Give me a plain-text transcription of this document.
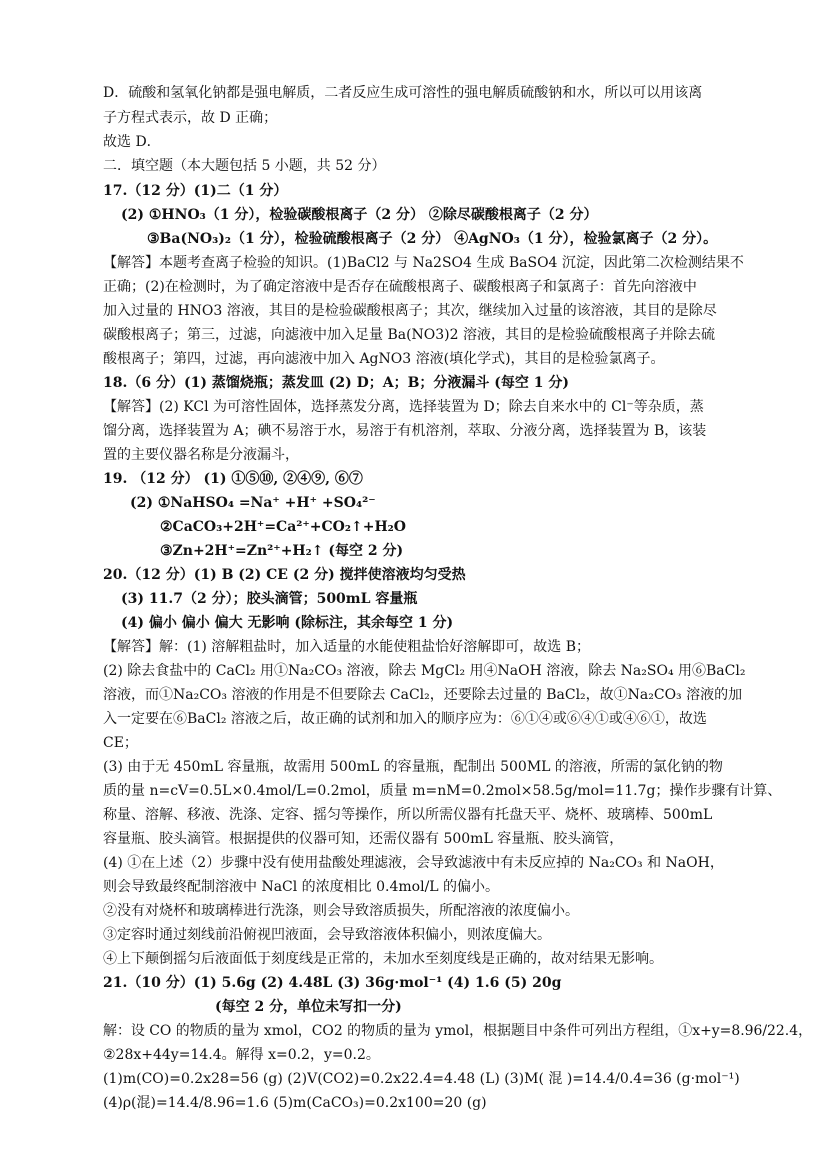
D．硫酸和氢氧化钠都是强电解质，二者反应生成可溶性的强电解质硫酸钠和水，所以可以用该离
子方程式表示，故 D 正确；
故选 D．
二．填空题（本大题包括 5 小题，共 52 分）
17.（12 分）(1)二（1 分）
(2) ①HNO₃（1 分），检验碳酸根离子（2 分） ②除尽碳酸根离子（2 分）
③Ba(NO₃)₂（1 分），检验硫酸根离子（2 分） ④AgNO₃（1 分），检验氯离子（2 分）。
【解答】本题考查离子检验的知识。(1)BaCl2 与 Na2SO4 生成 BaSO4 沉淀，因此第二次检测结果不
正确；(2)在检测时，为了确定溶液中是否存在硫酸根离子、碳酸根离子和氯离子：首先向溶液中
加入过量的 HNO3 溶液，其目的是检验碳酸根离子；其次，继续加入过量的该溶液，其目的是除尽
碳酸根离子；第三，过滤，向滤液中加入足量 Ba(NO3)2 溶液，其目的是检验硫酸根离子并除去硫
酸根离子；第四，过滤，再向滤液中加入 AgNO3 溶液(填化学式)，其目的是检验氯离子。
18.（6 分）(1) 蒸馏烧瓶；蒸发皿 (2) D；A；B；分液漏斗 (每空 1 分)
【解答】(2) KCl 为可溶性固体，选择蒸发分离，选择装置为 D；除去自来水中的 Cl⁻等杂质，蒸
馏分离，选择装置为 A；碘不易溶于水，易溶于有机溶剂，萃取、分液分离，选择装置为 B，该装
置的主要仪器名称是分液漏斗，
19. （12 分） (1) ①⑤⑩, ②④⑨, ⑥⑦
(2) ①NaHSO₄ =Na⁺ +H⁺ +SO₄²⁻
②CaCO₃+2H⁺=Ca²⁺+CO₂↑+H₂O
③Zn+2H⁺=Zn²⁺+H₂↑ (每空 2 分)
20.（12 分）(1) B (2) CE (2 分) 搅拌使溶液均匀受热
(3) 11.7（2 分）；胶头滴管；500mL 容量瓶
(4) 偏小 偏小 偏大 无影响 (除标注，其余每空 1 分)
【解答】解：(1) 溶解粗盐时，加入适量的水能使粗盐恰好溶解即可，故选 B；
(2) 除去食盐中的 CaCl₂ 用①Na₂CO₃ 溶液，除去 MgCl₂ 用④NaOH 溶液，除去 Na₂SO₄ 用⑥BaCl₂
溶液，而①Na₂CO₃ 溶液的作用是不但要除去 CaCl₂，还要除去过量的 BaCl₂，故①Na₂CO₃ 溶液的加
入一定要在⑥BaCl₂ 溶液之后，故正确的试剂和加入的顺序应为：⑥①④或⑥④①或④⑥①，故选
CE；
(3) 由于无 450mL 容量瓶，故需用 500mL 的容量瓶，配制出 500ML 的溶液，所需的氯化钠的物
质的量 n=cV=0.5L×0.4mol/L=0.2mol，质量 m=nM=0.2mol×58.5g/mol=11.7g；操作步骤有计算、
称量、溶解、移液、洗涤、定容、摇匀等操作，所以所需仪器有托盘天平、烧杯、玻璃棒、500mL
容量瓶、胶头滴管。根据提供的仪器可知，还需仪器有 500mL 容量瓶、胶头滴管，
(4) ①在上述（2）步骤中没有使用盐酸处理滤液，会导致滤液中有未反应掉的 Na₂CO₃ 和 NaOH，
则会导致最终配制溶液中 NaCl 的浓度相比 0.4mol/L 的偏小。
②没有对烧杯和玻璃棒进行洗涤，则会导致溶质损失，所配溶液的浓度偏小。
③定容时通过刻线前沿俯视凹液面，会导致溶液体积偏小，则浓度偏大。
④上下颠倒摇匀后液面低于刻度线是正常的，未加水至刻度线是正确的，故对结果无影响。
21.（10 分）(1) 5.6g (2) 4.48L (3) 36g·mol⁻¹ (4) 1.6 (5) 20g
(每空 2 分，单位未写扣一分)
解：设 CO 的物质的量为 xmol，CO2 的物质的量为 ymol，根据题目中条件可列出方程组，①x+y=8.96/22.4，
②28x+44y=14.4。解得 x=0.2，y=0.2。
(1)m(CO)=0.2x28=56 (g) (2)V(CO2)=0.2x22.4=4.48 (L) (3)M( 混 )=14.4/0.4=36 (g·mol⁻¹)
(4)ρ(混)=14.4/8.96=1.6 (5)m(CaCO₃)=0.2x100=20 (g)
